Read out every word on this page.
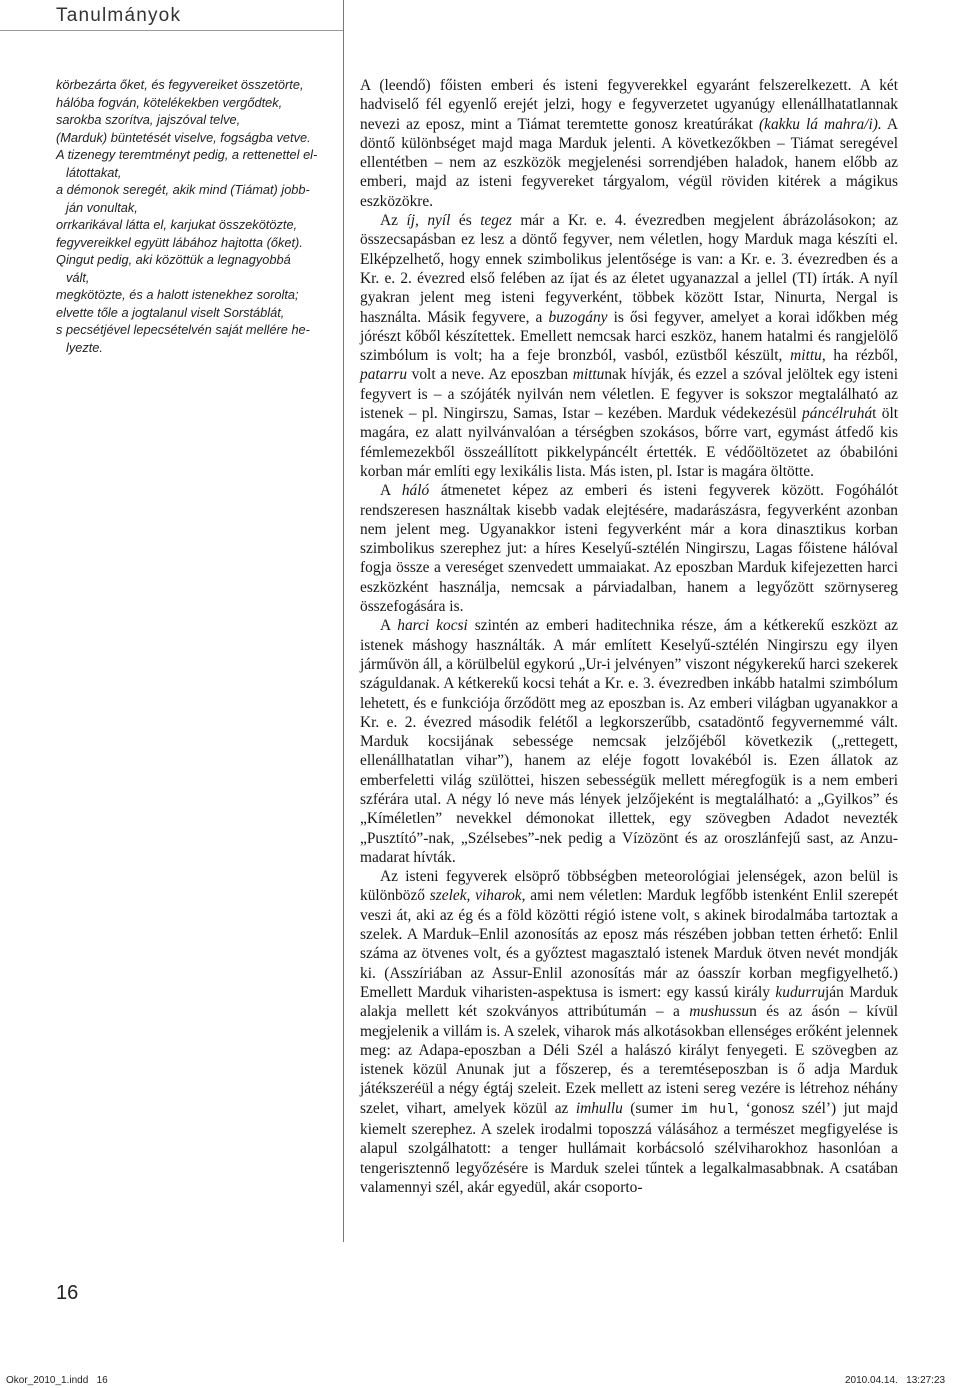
Tanulmányok
körbezárta őket, és fegyvereiket összetörte,
hálóba fogván, kötelékekben vergődtek,
sarokba szorítva, jajszóval telve,
(Marduk) büntetését viselve, fogságba vetve.
A tizenegy teremtményt pedig, a rettenettel el-
látottakat,
a démonok seregét, akik mind (Tiámat) jobb-
ján vonultak,
orrkarikával látta el, karjukat összekötözte,
fegyvereikkel együtt lábához hajtotta (őket).
Qingut pedig, aki közöttük a legnagyobbá
vált,
megkötözte, és a halott istenekhez sorolta;
elvette tőle a jogtalanul viselt Sorstáblát,
s pecsétjével lepecsételvén saját mellére he-
lyezte.

A (leendő) főisten emberi és isteni fegyverekkel egyaránt felszerelkezett. A két hadviselő fél egyenlő erejét jelzi, hogy e fegyverzetet ugyanúgy ellenállhatatlannak nevezi az eposz, mint a Tiámat teremtette gonosz kreatúrákat (kakku lá mahra/i). A döntő különbséget majd maga Marduk jelenti. A következőkben – Tiámat seregével ellentétben – nem az eszközök megjelenési sorrendjében haladok, hanem előbb az emberi, majd az isteni fegyvereket tárgyalom, végül röviden kitérek a mágikus eszközökre.

Az íj, nyíl és tegez már a Kr. e. 4. évezredben megjelent ábrázolásokon; az összecsapásban ez lesz a döntő fegyver, nem véletlen, hogy Marduk maga készíti el. Elképzelhető, hogy ennek szimbolikus jelentősége is van: a Kr. e. 3. évezredben és a Kr. e. 2. évezred első felében az íjat és az életet ugyanazzal a jellel (TI) írták. A nyíl gyakran jelent meg isteni fegyverként, többek között Istar, Ninurta, Nergal is használta. Másik fegyvere, a buzogány is ősi fegyver, amelyet a korai időkben még jórészt kőből készítettek. Emellett nemcsak harci eszköz, hanem hatalmi és rangjelölő szimbólum is volt; ha a feje bronzból, vasból, ezüstből készült, mittu, ha rézből, patarru volt a neve. Az eposzban mittunak hívják, és ezzel a szóval jelöltek egy isteni fegyvert is – a szójáték nyilván nem véletlen. E fegyver is sokszor megtalálható az istenek – pl. Ningirszu, Samas, Istar – kezében. Marduk védekezésül páncélruhát ölt magára, ez alatt nyilvánvalóan a térségben szokásos, bőrre vart, egymást átfedő kis fémlemezekből összeállított pikkelypáncélt értették. E védőöltözetet az óbabilóni korban már említi egy lexikális lista. Más isten, pl. Istar is magára öltötte.

A háló átmenetet képez az emberi és isteni fegyverek között. Fogóhálót rendszeresen használtak kisebb vadak elejtésére, madarászásra, fegyverként azonban nem jelent meg. Ugyanakkor isteni fegyverként már a kora dinasztikus korban szimbolikus szerephez jut: a híres Keselyű-sztélén Ningirszu, Lagas főistene hálóval fogja össze a vereséget szenvedett ummaiakat. Az eposzban Marduk kifejezetten harci eszközként használja, nemcsak a párviadalban, hanem a legyőzött szörnysereg összefogására is.

A harci kocsi szintén az emberi haditechnika része, ám a kétkerekű eszközt az istenek máshogy használták. A már említett Keselyű-sztélén Ningirszu egy ilyen járművön áll, a körülbelül egykorú „Ur-i jelvényen” viszont négykerekű harci szekerek száguldanak. A kétkerekű kocsi tehát a Kr. e. 3. évezredben inkább hatalmi szimbólum lehetett, és e funkciója őrződött meg az eposzban is. Az emberi világban ugyanakkor a Kr. e. 2. évezred második felétől a legkorszerűbb, csatadöntő fegyvernemmé vált. Marduk kocsijának sebessége nemcsak jelzőjéből következik („rettegett, ellenállhatatlan vihar”), hanem az eléje fogott lovakéból is. Ezen állatok az emberfeletti világ szülöttei, hiszen sebességük mellett méregfogük is a nem emberi szférára utal. A négy ló neve más lények jelzőjeként is megtalálható: a „Gyilkos” és „Kíméletlen” nevekkel démonokat illettek, egy szövegben Adadot nevezték „Pusztító”-nak, „Szélsebes”-nek pedig a Vízözönt és az oroszlánfejű sast, az Anzu-madarat hívták.

Az isteni fegyverek elsöprő többségben meteorológiai jelenségek, azon belül is különböző szelek, viharok, ami nem véletlen: Marduk legfőbb istenként Enlil szerepét veszi át, aki az ég és a föld közötti régió istene volt, s akinek birodalmába tartoztak a szelek. A Marduk–Enlil azonosítás az eposz más részében jobban tetten érhető: Enlil száma az ötvenes volt, és a győztest magasztaló istenek Marduk ötven nevét mondják ki. (Asszíriában az Assur-Enlil azonosítás már az óasszír korban megfigyelhető.) Emellett Marduk viharisten-aspektusa is ismert: egy kassú király kudurruján Marduk alakja mellett két szokványos attribútumán – a mushussun és az ásón – kívül megjelenik a villám is. A szelek, viharok más alkotásokban ellenséges erőként jelennek meg: az Adapa-eposzban a Déli Szél a halászó királyt fenyegeti. E szövegben az istenek közül Anunak jut a főszerep, és a teremtéseposzban is ő adja Marduk játékszeréül a négy égtáj szeleit. Ezek mellett az isteni sereg vezére is létrehoz néhány szelet, vihart, amelyek közül az imhullu (sumer im hul, ‘gonosz szél’) jut majd kiemelt szerephez. A szelek irodalmi toposzzá válásához a természet megfigyelése is alapul szolgálhatott: a tenger hullámait korbácsoló szélviharokhoz hasonlóan a tengerisztennő legyőzésére is Marduk szelei tűntek a legalkalmasabbnak. A csatában valamennyi szél, akár egyedül, akár csoporto-

16
Okor_2010_1.indd   16	2010.04.14.   13:27:23
